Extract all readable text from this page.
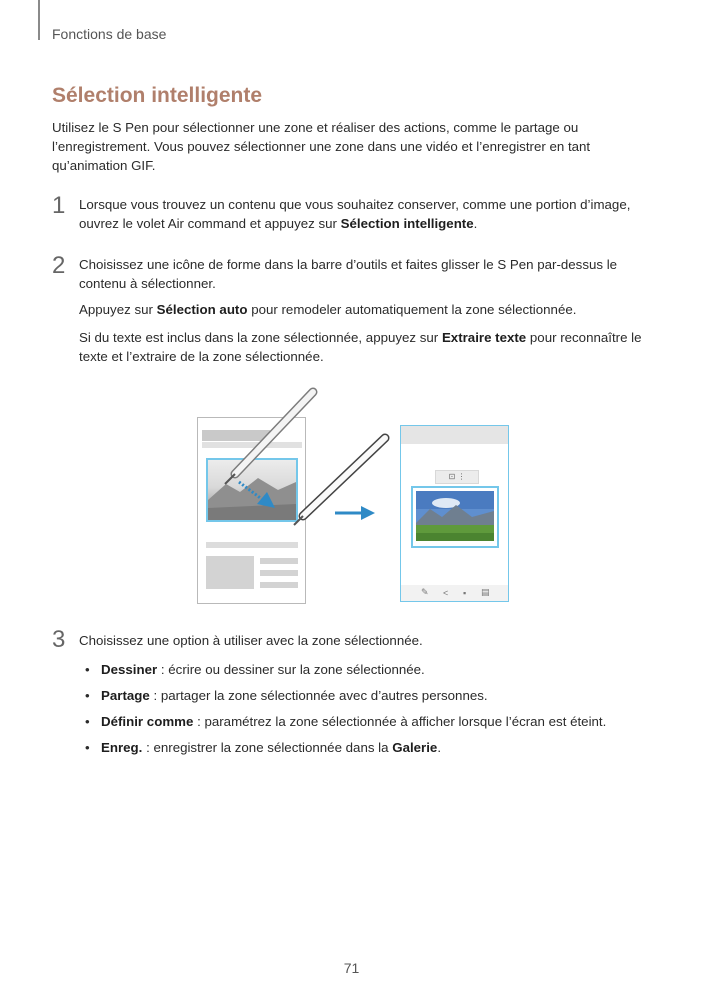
Fonctions de base
Sélection intelligente
Utilisez le S Pen pour sélectionner une zone et réaliser des actions, comme le partage ou l’enregistrement. Vous pouvez sélectionner une zone dans une vidéo et l’enregistrer en tant qu’animation GIF.
1 Lorsque vous trouvez un contenu que vous souhaitez conserver, comme une portion d’image, ouvrez le volet Air command et appuyez sur Sélection intelligente.
2 Choisissez une icône de forme dans la barre d’outils et faites glisser le S Pen par-dessus le contenu à sélectionner.
Appuyez sur Sélection auto pour remodeler automatiquement la zone sélectionnée.
Si du texte est inclus dans la zone sélectionnée, appuyez sur Extraire texte pour reconnaître le texte et l’extraire de la zone sélectionnée.
⊡ ⋮
✎ < ▪ ▤
3 Choisissez une option à utiliser avec la zone sélectionnée.
• Dessiner : écrire ou dessiner sur la zone sélectionnée.
• Partage : partager la zone sélectionnée avec d’autres personnes.
• Définir comme : paramétrez la zone sélectionnée à afficher lorsque l’écran est éteint.
• Enreg. : enregistrer la zone sélectionnée dans la Galerie.
71
